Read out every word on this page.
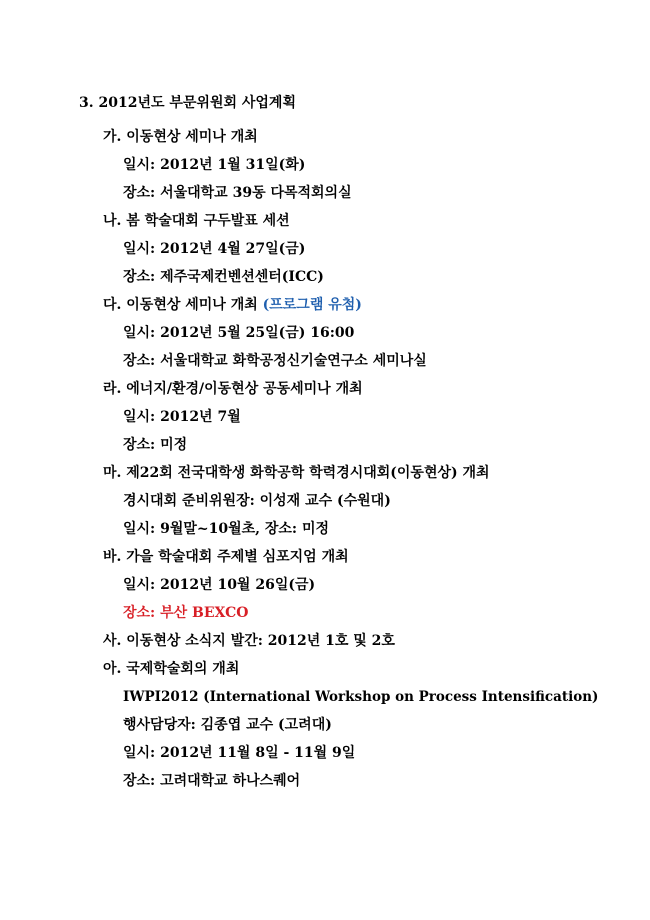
3. 2012년도 부문위원회 사업계획
가. 이동현상 세미나 개최
일시: 2012년 1월 31일(화)
장소: 서울대학교 39동 다목적회의실
나. 봄 학술대회 구두발표 세션
일시: 2012년 4월 27일(금)
장소: 제주국제컨벤션센터(ICC)
다. 이동현상 세미나 개최 (프로그램 유첨)
일시: 2012년 5월 25일(금) 16:00
장소: 서울대학교 화학공정신기술연구소 세미나실
라. 에너지/환경/이동현상 공동세미나 개최
일시: 2012년 7월
장소: 미정
마. 제22회 전국대학생 화학공학 학력경시대회(이동현상) 개최
경시대회 준비위원장: 이성재 교수 (수원대)
일시: 9월말~10월초, 장소: 미정
바. 가을 학술대회 주제별 심포지엄 개최
일시: 2012년 10월 26일(금)
장소: 부산 BEXCO
사. 이동현상 소식지 발간: 2012년 1호 및 2호
아. 국제학술회의 개최
IWPI2012 (International Workshop on Process Intensification)
행사담당자: 김종엽 교수 (고려대)
일시: 2012년 11월 8일 - 11월 9일
장소: 고려대학교 하나스퀘어
